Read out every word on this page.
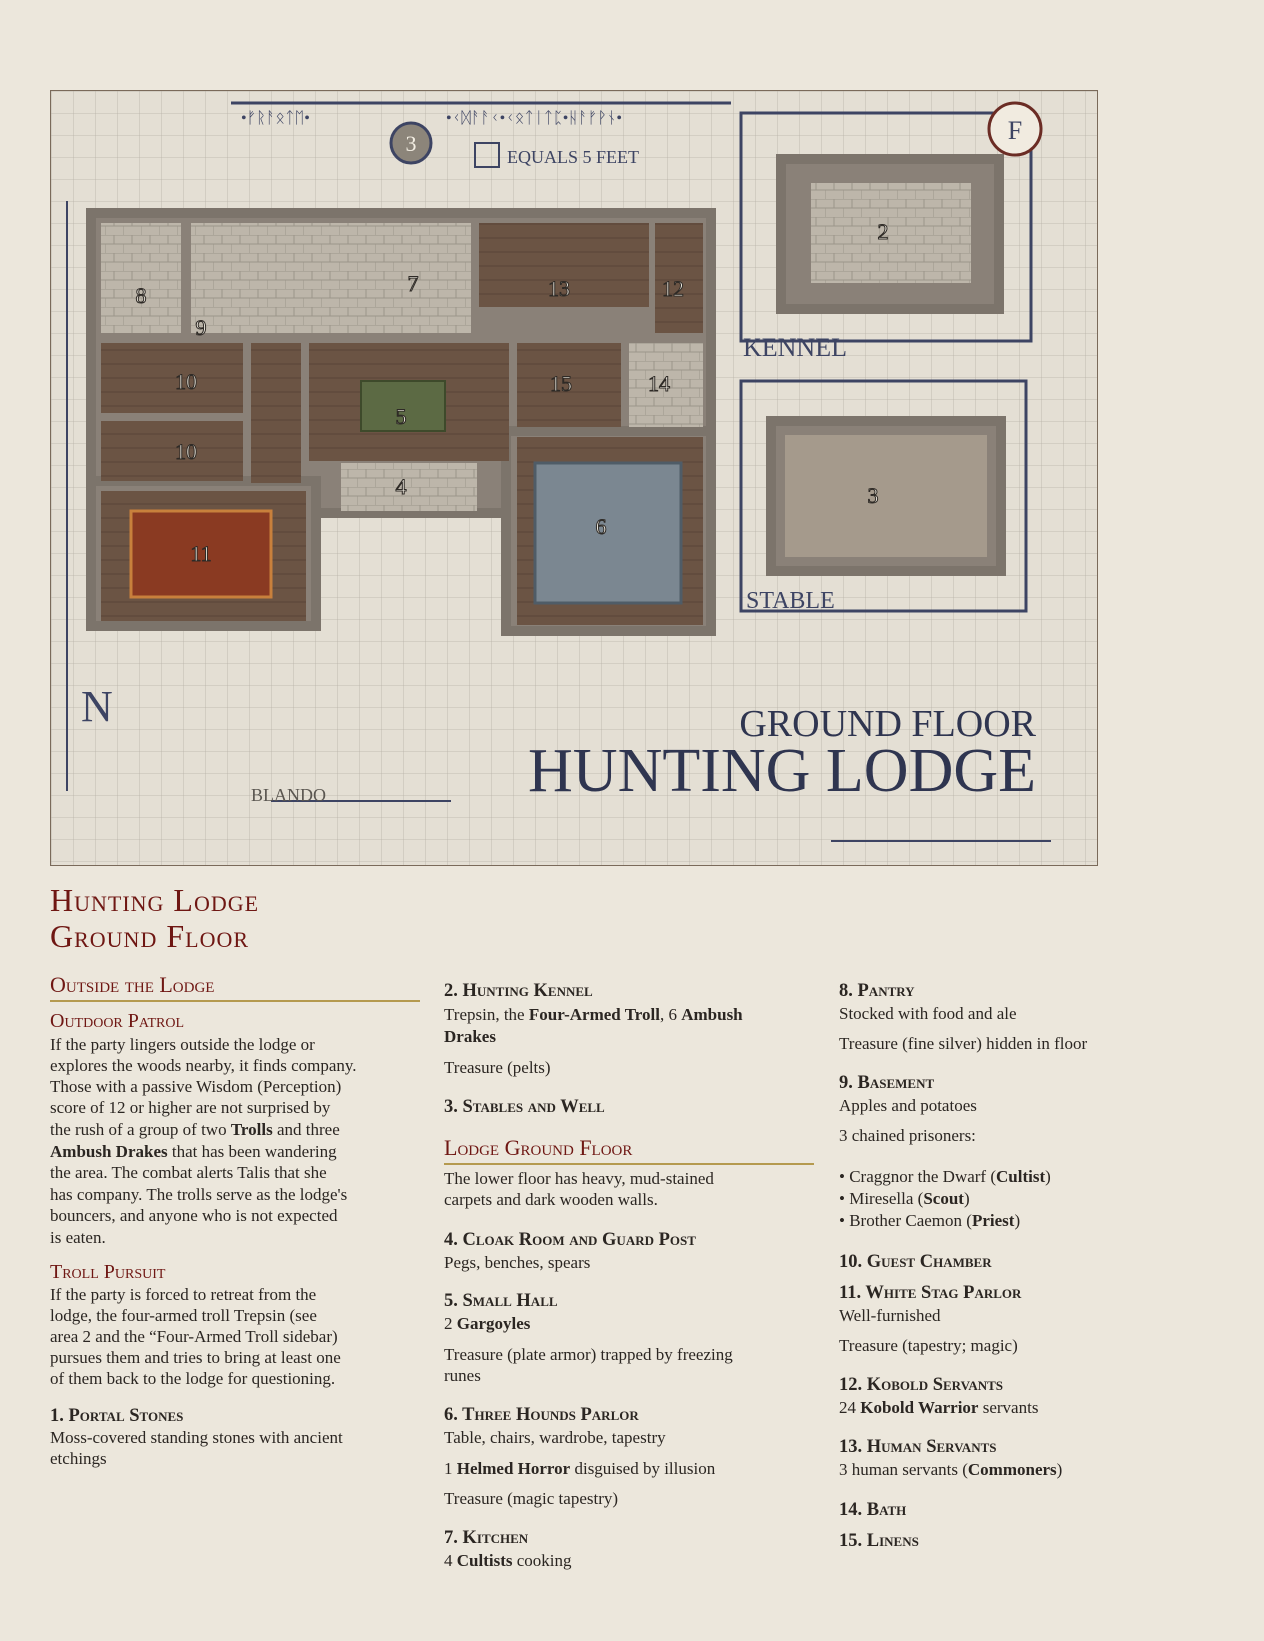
2
3
4
5
6
7
8
9
10
10
11
12
13
14
15
•ᚠᚱᚨᛟᛏᛖ•	•ᚲᛞᚨᚨᚲ•ᚲᛟᛏᛁᛏᛈ•ᚺᚨᚠᚹᚾ•
3
EQUALS 5 FEET
KENNEL
STABLE
F
N	GROUND FLOOR
HUNTING LODGE
BLANDO
Hunting Lodge
Ground Floor
Outside the Lodge
Outdoor Patrol

If the party lingers outside the lodge or

explores the woods nearby, it finds company.

Those with a passive Wisdom (Perception)

score of 12 or higher are not surprised by

the rush of a group of two Trolls and three

Ambush Drakes that has been wandering

the area. The combat alerts Talis that she

has company. The trolls serve as the lodge's

bouncers, and anyone who is not expected

is eaten.

Troll Pursuit

If the party is forced to retreat from the

lodge, the four-armed troll Trepsin (see

area 2 and the “Four-Armed Troll sidebar)

pursues them and tries to bring at least one

of them back to the lodge for questioning.

1. Portal Stones

Moss-covered standing stones with ancient

etchings

2. Hunting Kennel

Trepsin, the Four-Armed Troll, 6 Ambush

Drakes

Treasure (pelts)

3. Stables and Well

Lodge Ground Floor

The lower floor has heavy, mud-stained

carpets and dark wooden walls.

4. Cloak Room and Guard Post

Pegs, benches, spears

5. Small Hall

2 Gargoyles

Treasure (plate armor) trapped by freezing

runes

6. Three Hounds Parlor

Table, chairs, wardrobe, tapestry

1 Helmed Horror disguised by illusion

Treasure (magic tapestry)

7. Kitchen

4 Cultists cooking

8. Pantry

Stocked with food and ale

Treasure (fine silver) hidden in floor

9. Basement

Apples and potatoes

3 chained prisoners:

• Craggnor the Dwarf (Cultist)

• Miresella (Scout)

• Brother Caemon (Priest)

10. Guest Chamber

11. White Stag Parlor

Well-furnished

Treasure (tapestry; magic)

12. Kobold Servants

24 Kobold Warrior servants

13. Human Servants

3 human servants (Commoners)

14. Bath

15. Linens
